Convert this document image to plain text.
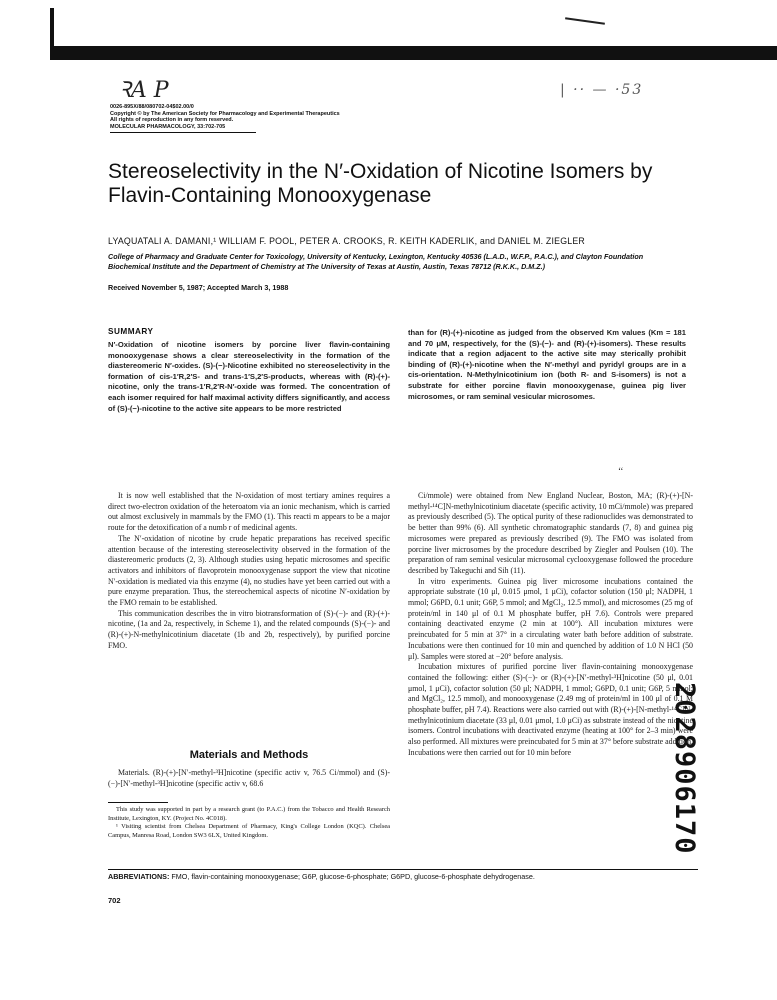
ꝚA P	| ·· — ·53
0026-895X/88/080702-04$02.00/0
Copyright © by The American Society for Pharmacology and Experimental Therapeutics
All rights of reproduction in any form reserved.
MOLECULAR PHARMACOLOGY, 33:702-705
Stereoselectivity in the N′-Oxidation of Nicotine Isomers by Flavin-Containing Monooxygenase
LYAQUATALI A. DAMANI,¹ WILLIAM F. POOL, PETER A. CROOKS, R. KEITH KADERLIK, and DANIEL M. ZIEGLER
College of Pharmacy and Graduate Center for Toxicology, University of Kentucky, Lexington, Kentucky 40536 (L.A.D., W.F.P., P.A.C.), and Clayton Foundation Biochemical Institute and the Department of Chemistry at The University of Texas at Austin, Austin, Texas 78712 (R.K.K., D.M.Z.)
Received November 5, 1987; Accepted March 3, 1988
SUMMARY
N′-Oxidation of nicotine isomers by porcine liver flavin-containing monooxygenase shows a clear stereoselectivity in the formation of the diastereomeric N′-oxides. (S)-(−)-Nicotine exhibited no stereoselectivity in the formation of cis-1′R,2′S- and trans-1′S,2′S-products, whereas with (R)-(+)-nicotine, only the trans-1′R,2′R-N′-oxide was formed. The concentration of each isomer required for half maximal activity differs significantly, and access of (S)-(−)-nicotine to the active site appears to be more restricted
than for (R)-(+)-nicotine as judged from the observed Km values (Km = 181 and 70 μM, respectively, for the (S)-(−)- and (R)-(+)-isomers). These results indicate that a region adjacent to the active site may sterically prohibit binding of (R)-(+)-nicotine when the N′-methyl and pyridyl groups are in a cis-orientation. N-Methylnicotinium ion (both R- and S-isomers) is not a substrate for either porcine flavin monooxygenase, guinea pig liver microsomes, or ram seminal vesicular microsomes.
‘‘

It is now well established that the N-oxidation of most tertiary amines requires a direct two-electron oxidation of the heteroatom via an ionic mechanism, which is carried out almost exclusively in mammals by the FMO (1). This reacti m appears to be a major route for the detoxification of a numb r of medicinal agents.

The N′-oxidation of nicotine by crude hepatic preparations has received specific attention because of the interesting stereoselectivity observed in the formation of the diastereomeric products (2, 3). Although studies using hepatic microsomes and specific activators and inhibitors of flavoprotein monooxygenase support the view that nicotine N′-oxidation is mediated via this enzyme (4), no studies have yet been carried out with a pure enzyme preparation. Thus, the stereochemical aspects of nicotine N′-oxidation by the FMO remain to be established.

This communication describes the in vitro biotransformation of (S)-(−)- and (R)-(+)-nicotine, (1a and 2a, respectively, in Scheme 1), and the related compounds (S)-(−)- and (R)-(+)-N-methylnicotinium diacetate (1b and 2b, respectively), by purified porcine FMO.

Materials and Methods

Materials. (R)-(+)-[N′-methyl-³H]nicotine (specific activ v, 76.5 Ci/mmol) and (S)-(−)-[N′-methyl-³H]nicotine (specific activ v, 68.6

This study was supported in part by a research grant (to P.A.C.) from the Tobacco and Health Research Institute, Lexington, KY. (Project No. 4C018).

¹ Visiting scientist from Chelsea Department of Pharmacy, King's College London (KQC). Chelsea Campus, Manresa Road, London SW3 6LX, United Kingdom.

Ci/mmole) were obtained from New England Nuclear, Boston, MA; (R)-(+)-[N-methyl-¹⁴C]N-methylnicotinium diacetate (specific activity, 10 mCi/mmole) was prepared as previously described (5). The optical purity of these radionuclides was demonstrated to be better than 99% (6). All synthetic chromatographic standards (7, 8) and guinea pig microsomes were prepared as previously described (9). The FMO was isolated from porcine liver microsomes by the procedure described by Ziegler and Poulsen (10). The preparation of ram seminal vesicular microsomal cyclooxygenase followed the procedure described by Takeguchi and Sih (11).

In vitro experiments. Guinea pig liver microsome incubations contained the appropriate substrate (10 μl, 0.015 μmol, 1 μCi), cofactor solution (150 μl; NADPH, 1 mmol; G6PD, 0.1 unit; G6P, 5 mmol; and MgCl₂, 12.5 mmol), and microsomes (25 mg of protein/ml in 140 μl of 0.1 M phosphate buffer, pH 7.6). Controls were prepared containing deactivated enzyme (2 min at 100°). All incubation mixtures were preincubated for 5 min at 37° in a circulating water bath before addition of substrate. Incubations were then continued for 10 min and quenched by addition of 1.0 N HCl (50 μl). Samples were stored at −20° before analysis.

Incubation mixtures of purified porcine liver flavin-containing monooxygenase contained the following: either (S)-(−)- or (R)-(+)-[N′-methyl-³H]nicotine (50 μl, 0.01 μmol, 1 μCi), cofactor solution (50 μl; NADPH, 1 mmol; G6PD, 0.1 unit; G6P, 5 mmol; and MgCl₂, 12.5 mmol), and monooxygenase (2.49 mg of protein/ml in 100 μl of 0.1 M phosphate buffer, pH 7.4). Reactions were also carried out with (R)-(+)-[N-methyl-¹⁴C]N-methylnicotinium diacetate (33 μl, 0.01 μmol, 1.0 μCi) as substrate instead of the nicotine isomers. Control incubations with deactivated enzyme (heating at 100° for 2–3 min) were also performed. All mixtures were preincubated for 5 min at 37° before substrate addition. Incubations were then carried out for 10 min before

ABBREVIATIONS: FMO, flavin-containing monooxygenase; G6P, glucose-6-phosphate; G6PD, glucose-6-phosphate dehydrogenase.
702
2028906170
